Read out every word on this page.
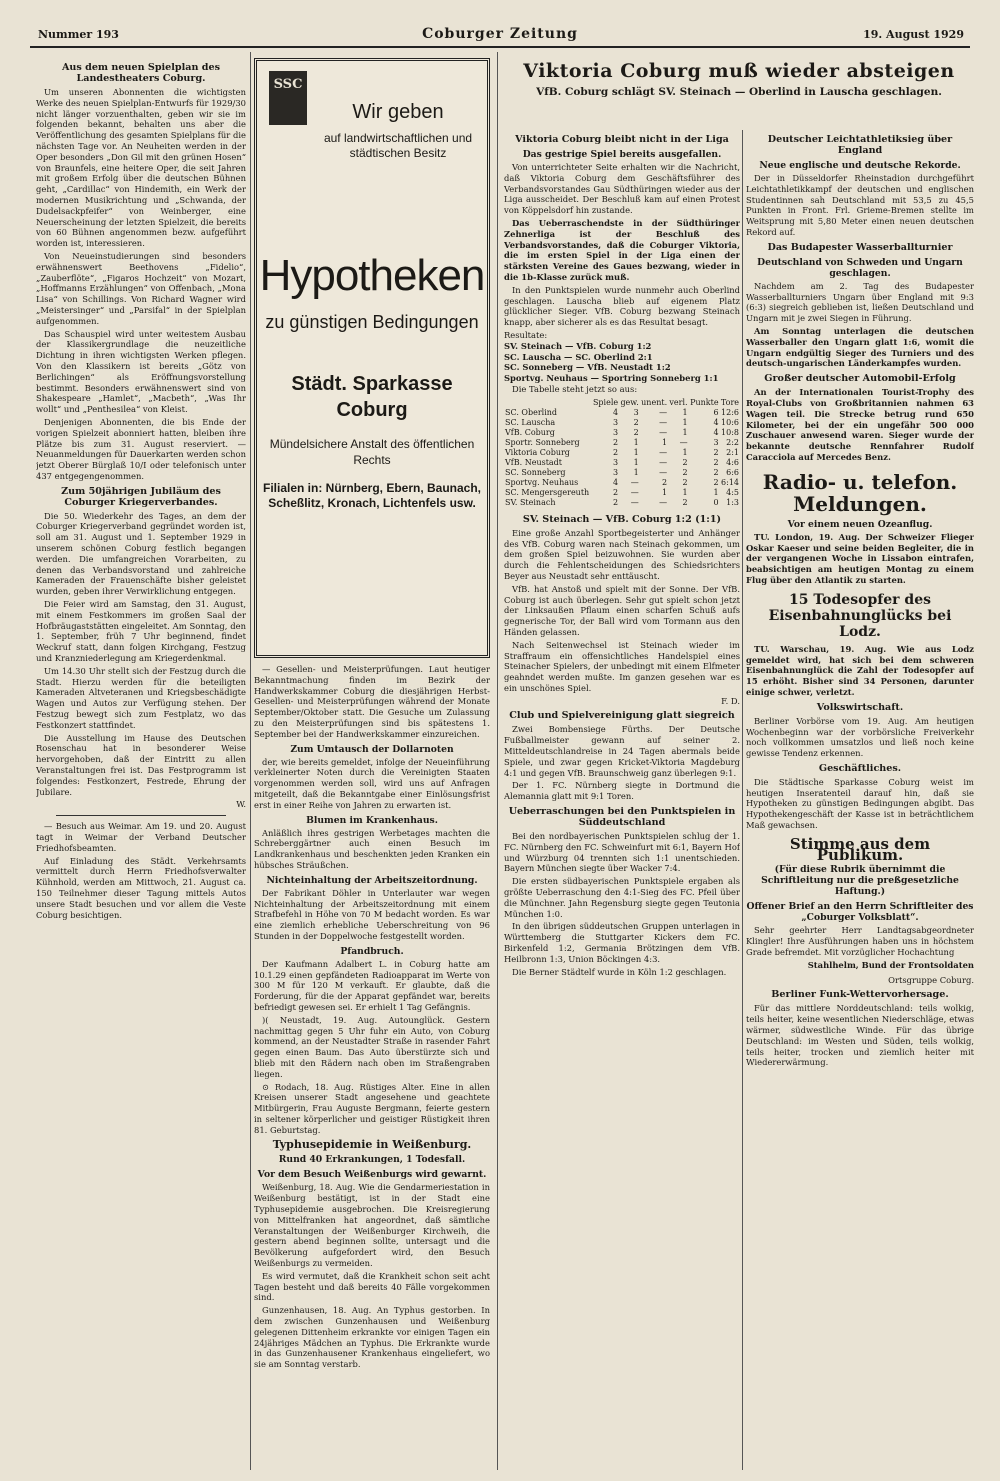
Nummer 193	Coburger Zeitung	19. August 1929
Aus dem neuen Spielplan des Landestheaters Coburg.

Um unseren Abonnenten die wichtigsten Werke des neuen Spielplan-Entwurfs für 1929/30 nicht länger vorzuenthalten, geben wir sie im folgenden bekannt, behalten uns aber die Veröffentlichung des gesamten Spielplans für die nächsten Tage vor. An Neuheiten werden in der Oper besonders „Don Gil mit den grünen Hosen“ von Braunfels, eine heitere Oper, die seit Jahren mit großem Erfolg über die deutschen Bühnen geht, „Cardillac“ von Hindemith, ein Werk der modernen Musikrichtung und „Schwanda, der Dudelsackpfeifer“ von Weinberger, eine Neuerscheinung der letzten Spielzeit, die bereits von 60 Bühnen angenommen bezw. aufgeführt worden ist, interessieren.

Von Neueinstudierungen sind besonders erwähnenswert Beethovens „Fidelio“, „Zauberflöte“, „Figaros Hochzeit“ von Mozart, „Hoffmanns Erzählungen“ von Offenbach, „Mona Lisa“ von Schillings. Von Richard Wagner wird „Meistersinger“ und „Parsifal“ in der Spielplan aufgenommen.

Das Schauspiel wird unter weitestem Ausbau der Klassikergrundlage die neuzeitliche Dichtung in ihren wichtigsten Werken pflegen. Von den Klassikern ist bereits „Götz von Berlichingen“ als Eröffnungsvorstellung bestimmt. Besonders erwähnenswert sind von Shakespeare „Hamlet“, „Macbeth“, „Was Ihr wollt“ und „Penthesilea“ von Kleist.

Denjenigen Abonnenten, die bis Ende der vorigen Spielzeit abonniert hatten, bleiben ihre Plätze bis zum 31. August reserviert. — Neuanmeldungen für Dauerkarten werden schon jetzt Oberer Bürglaß 10/I oder telefonisch unter 437 entgegengenommen.

Zum 50jährigen Jubiläum des Coburger Kriegerverbandes.

Die 50. Wiederkehr des Tages, an dem der Coburger Kriegerverband gegründet worden ist, soll am 31. August und 1. September 1929 in unserem schönen Coburg festlich begangen werden. Die umfangreichen Vorarbeiten, zu denen das Verbandsvorstand und zahlreiche Kameraden der Frauenschäfte bisher geleistet wurden, geben ihrer Verwirklichung entgegen.

Die Feier wird am Samstag, den 31. August, mit einem Festkommers im großen Saal der Hofbräugaststätten eingeleitet. Am Sonntag, den 1. September, früh 7 Uhr beginnend, findet Weckruf statt, dann folgen Kirchgang, Festzug und Kranzniederlegung am Kriegerdenkmal.

Um 14.30 Uhr stellt sich der Festzug durch die Stadt. Hierzu werden für die beteiligten Kameraden Altveteranen und Kriegsbeschädigte Wagen und Autos zur Verfügung stehen. Der Festzug bewegt sich zum Festplatz, wo das Festkonzert stattfindet.

Die Ausstellung im Hause des Deutschen Rosenschau hat in besonderer Weise hervorgehoben, daß der Eintritt zu allen Veranstaltungen frei ist. Das Festprogramm ist folgendes: Festkonzert, Festrede, Ehrung der Jubilare.

W.

— Besuch aus Weimar. Am 19. und 20. August tagt in Weimar der Verband Deutscher Friedhofsbeamten.

Auf Einladung des Städt. Verkehrsamts vermittelt durch Herrn Friedhofsverwalter Kühnhold, werden am Mittwoch, 21. August ca. 150 Teilnehmer dieser Tagung mittels Autos unsere Stadt besuchen und vor allem die Veste Coburg besichtigen.

SSC
Wir geben
auf landwirtschaftlichen und städtischen Besitz
Hypotheken
zu günstigen Bedingungen
Städt. Sparkasse Coburg
Mündelsichere Anstalt des öffentlichen Rechts
Filialen in: Nürnberg, Ebern, Baunach, Scheßlitz, Kronach, Lichtenfels usw.

— Gesellen- und Meisterprüfungen. Laut heutiger Bekanntmachung finden im Bezirk der Handwerkskammer Coburg die diesjährigen Herbst-Gesellen- und Meisterprüfungen während der Monate September/Oktober statt. Die Gesuche um Zulassung zu den Meisterprüfungen sind bis spätestens 1. September bei der Handwerkskammer einzureichen.

Zum Umtausch der Dollarnoten

der, wie bereits gemeldet, infolge der Neueinführung verkleinerter Noten durch die Vereinigten Staaten vorgenommen werden soll, wird uns auf Anfragen mitgeteilt, daß die Bekanntgabe einer Einlösungsfrist erst in einer Reihe von Jahren zu erwarten ist.

Blumen im Krankenhaus.

Anläßlich ihres gestrigen Werbetages machten die Schreberggärtner auch einen Besuch im Landkrankenhaus und beschenkten jeden Kranken ein hübsches Sträußchen.

Nichteinhaltung der Arbeitszeitordnung.

Der Fabrikant Döhler in Unterlauter war wegen Nichteinhaltung der Arbeitszeitordnung mit einem Strafbefehl in Höhe von 70 M bedacht worden. Es war eine ziemlich erhebliche Ueberschreitung von 96 Stunden in der Doppelwoche festgestellt worden.

Pfandbruch.

Der Kaufmann Adalbert L. in Coburg hatte am 10.1.29 einen gepfändeten Radioapparat im Werte von 300 M für 120 M verkauft. Er glaubte, daß die Forderung, für die der Apparat gepfändet war, bereits befriedigt gewesen sei. Er erhielt 1 Tag Gefängnis.

)( Neustadt, 19. Aug. Autounglück. Gestern nachmittag gegen 5 Uhr fuhr ein Auto, von Coburg kommend, an der Neustadter Straße in rasender Fahrt gegen einen Baum. Das Auto überstürzte sich und blieb mit den Rädern nach oben im Straßengraben liegen.

⊙ Rodach, 18. Aug. Rüstiges Alter. Eine in allen Kreisen unserer Stadt angesehene und geachtete Mitbürgerin, Frau Auguste Bergmann, feierte gestern in seltener körperlicher und geistiger Rüstigkeit ihren 81. Geburtstag.

Typhusepidemie in Weißenburg.
Rund 40 Erkrankungen, 1 Todesfall.
Vor dem Besuch Weißenburgs wird gewarnt.

Weißenburg, 18. Aug. Wie die Gendarmeriestation in Weißenburg bestätigt, ist in der Stadt eine Typhusepidemie ausgebrochen. Die Kreisregierung von Mittelfranken hat angeordnet, daß sämtliche Veranstaltungen der Weißenburger Kirchweih, die gestern abend beginnen sollte, untersagt und die Bevölkerung aufgefordert wird, den Besuch Weißenburgs zu vermeiden.

Es wird vermutet, daß die Krankheit schon seit acht Tagen besteht und daß bereits 40 Fälle vorgekommen sind.

Gunzenhausen, 18. Aug. An Typhus gestorben. In dem zwischen Gunzenhausen und Weißenburg gelegenen Dittenheim erkrankte vor einigen Tagen ein 24jähriges Mädchen an Typhus. Die Erkrankte wurde in das Gunzenhausener Krankenhaus eingeliefert, wo sie am Sonntag verstarb.

Viktoria Coburg muß wieder absteigen
VfB. Coburg schlägt SV. Steinach — Oberlind in Lauscha geschlagen.
Viktoria Coburg bleibt nicht in der Liga
Das gestrige Spiel bereits ausgefallen.

Von unterrichteter Seite erhalten wir die Nachricht, daß Viktoria Coburg dem Geschäftsführer des Verbandsvorstandes Gau Südthüringen wieder aus der Liga ausscheidet. Der Beschluß kam auf einen Protest von Köppelsdorf hin zustande.

Das Ueberraschendste in der Südthüringer Zehnerliga ist der Beschluß des Verbandsvorstandes, daß die Coburger Viktoria, die im ersten Spiel in der Liga einen der stärksten Vereine des Gaues bezwang, wieder in die 1b-Klasse zurück muß.

In den Punktspielen wurde nunmehr auch Oberlind geschlagen. Lauscha blieb auf eigenem Platz glücklicher Sieger. VfB. Coburg bezwang Steinach knapp, aber sicherer als es das Resultat besagt.

Resultate:

SV. Steinach — VfB. Coburg 1:2

SC. Lauscha — SC. Oberlind 2:1

SC. Sonneberg — VfB. Neustadt 1:2

Sportvg. Neuhaus — Sportring Sonneberg 1:1

Die Tabelle steht jetzt so aus:

	Spiele	gew.	unent.	verl.	Punkte	Tore
SC. Oberlind	4	3	—	1	6	12:6
SC. Lauscha	3	2	—	1	4	10:6
VfB. Coburg	3	2	—	1	4	10:8
Sportr. Sonneberg	2	1	1	—	3	2:2
Viktoria Coburg	2	1	—	1	2	2:1
VfB. Neustadt	3	1	—	2	2	4:6
SC. Sonneberg	3	1	—	2	2	6:6
Sportvg. Neuhaus	4	—	2	2	2	6:14
SC. Mengersgereuth	2	—	1	1	1	4:5
SV. Steinach	2	—	—	2	0	1:3
SV. Steinach — VfB. Coburg 1:2 (1:1)

Eine große Anzahl Sportbegeisterter und Anhänger des VfB. Coburg waren nach Steinach gekommen, um dem großen Spiel beizuwohnen. Sie wurden aber durch die Fehlentscheidungen des Schiedsrichters Beyer aus Neustadt sehr enttäuscht.

VfB. hat Anstoß und spielt mit der Sonne. Der VfB. Coburg ist auch überlegen. Sehr gut spielt schon jetzt der Linksaußen Pflaum einen scharfen Schuß aufs gegnerische Tor, der Ball wird vom Tormann aus den Händen gelassen.

Nach Seitenwechsel ist Steinach wieder im Straffraum ein offensichtliches Handelspiel eines Steinacher Spielers, der unbedingt mit einem Elfmeter geahndet werden mußte. Im ganzen gesehen war es ein unschönes Spiel.

F. D.
Club und Spielvereinigung glatt siegreich

Zwei Bombensiege Fürths. Der Deutsche Fußballmeister gewann auf seiner 2. Mitteldeutschlandreise in 24 Tagen abermals beide Spiele, und zwar gegen Kricket-Viktoria Magdeburg 4:1 und gegen VfB. Braunschweig ganz überlegen 9:1.

Der 1. FC. Nürnberg siegte in Dortmund die Alemannia glatt mit 9:1 Toren.

Ueberraschungen bei den Punktspielen in Süddeutschland

Bei den nordbayerischen Punktspielen schlug der 1. FC. Nürnberg den FC. Schweinfurt mit 6:1, Bayern Hof und Würzburg 04 trennten sich 1:1 unentschieden. Bayern München siegte über Wacker 7:4.

Die ersten südbayerischen Punktspiele ergaben als größte Ueberraschung den 4:1-Sieg des FC. Pfeil über die Münchner. Jahn Regensburg siegte gegen Teutonia München 1:0.

In den übrigen süddeutschen Gruppen unterlagen in Württemberg die Stuttgarter Kickers dem FC. Birkenfeld 1:2, Germania Brötzingen dem VfB. Heilbronn 1:3, Union Böckingen 4:3.

Die Berner Städtelf wurde in Köln 1:2 geschlagen.

Deutscher Leichtathletiksieg über England
Neue englische und deutsche Rekorde.

Der in Düsseldorfer Rheinstadion durchgeführt Leichtathletikkampf der deutschen und englischen Studentinnen sah Deutschland mit 53,5 zu 45,5 Punkten in Front. Frl. Grieme-Bremen stellte im Weitsprung mit 5,80 Meter einen neuen deutschen Rekord auf.

Das Budapester Wasserballturnier
Deutschland von Schweden und Ungarn geschlagen.

Nachdem am 2. Tag des Budapester Wasserballturniers Ungarn über England mit 9:3 (6:3) siegreich geblieben ist, ließen Deutschland und Ungarn mit je zwei Siegen in Führung.

Am Sonntag unterlagen die deutschen Wasserballer den Ungarn glatt 1:6, womit die Ungarn endgültig Sieger des Turniers und des deutsch-ungarischen Länderkampfes wurden.

Großer deutscher Automobil-Erfolg

An der Internationalen Tourist-Trophy des Royal-Clubs von Großbritannien nahmen 63 Wagen teil. Die Strecke betrug rund 650 Kilometer, bei der ein ungefähr 500 000 Zuschauer anwesend waren. Sieger wurde der bekannte deutsche Rennfahrer Rudolf Caracciola auf Mercedes Benz.

Radio- u. telefon. Meldungen.
Vor einem neuen Ozeanflug.

TU. London, 19. Aug. Der Schweizer Flieger Oskar Kaeser und seine beiden Begleiter, die in der vergangenen Woche in Lissabon eintrafen, beabsichtigen am heutigen Montag zu einem Flug über den Atlantik zu starten.

15 Todesopfer des Eisenbahnunglücks bei Lodz.

TU. Warschau, 19. Aug. Wie aus Lodz gemeldet wird, hat sich bei dem schweren Eisenbahnunglück die Zahl der Todesopfer auf 15 erhöht. Bisher sind 34 Personen, darunter einige schwer, verletzt.

Volkswirtschaft.

Berliner Vorbörse vom 19. Aug. Am heutigen Wochenbeginn war der vorbörsliche Freiverkehr noch vollkommen umsatzlos und ließ noch keine gewisse Tendenz erkennen.

Geschäftliches.

Die Städtische Sparkasse Coburg weist im heutigen Inseratenteil darauf hin, daß sie Hypotheken zu günstigen Bedingungen abgibt. Das Hypothekengeschäft der Kasse ist in beträchtlichem Maß gewachsen.

Stimme aus dem Publikum.
(Für diese Rubrik übernimmt die Schriftleitung nur die preßgesetzliche Haftung.)
Offener Brief an den Herrn Schriftleiter des „Coburger Volksblatt“.

Sehr geehrter Herr Landtagsabgeordneter Klingler! Ihre Ausführungen haben uns in höchstem Grade befremdet. Mit vorzüglicher Hochachtung

Stahlhelm, Bund der Frontsoldaten
Ortsgruppe Coburg.
Berliner Funk-Wettervorhersage.

Für das mittlere Norddeutschland: teils wolkig, teils heiter, keine wesentlichen Niederschläge, etwas wärmer, südwestliche Winde. Für das übrige Deutschland: im Westen und Süden, teils wolkig, teils heiter, trocken und ziemlich heiter mit Wiedererwärmung.
